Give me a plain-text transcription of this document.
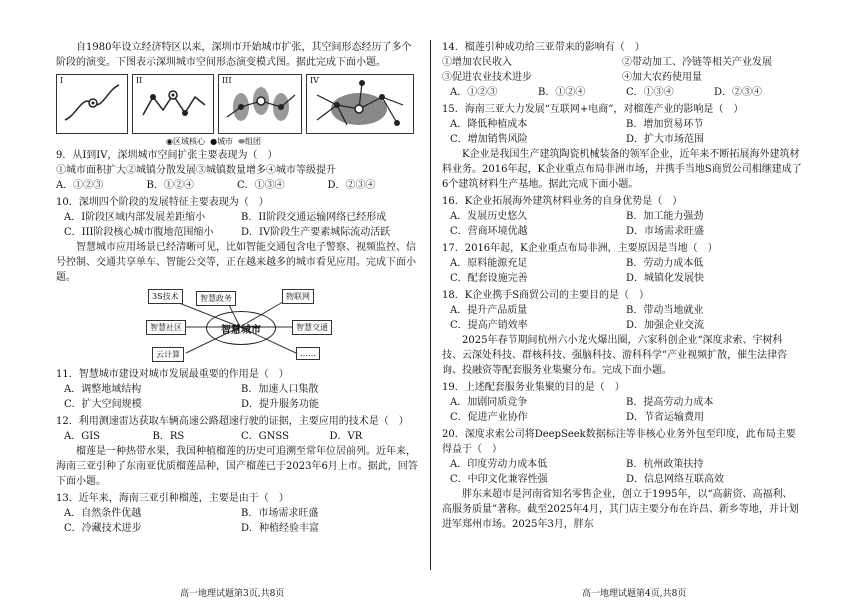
自1980年设立经济特区以来，深圳市开始城市扩张，其空间形态经历了多个阶段的演变。下图表示深圳城市空间形态演变模式图。据此完成下面小题。

I	II	III	IV
◉区域核心 ●城市 ⬬组团
9．从I到IV，深圳城市空间扩张主要表现为（　）
①城市面积扩大②城镇分散发展③城镇数量增多④城市等级提升
A．①②③	B．①②④	C．①③④	D．②③④
10．深圳四个阶段的发展特征主要表现为（　）
A．I阶段区域内部发展差距缩小	B．II阶段交通运输网络已经形成
C．III阶段核心城市腹地范围缩小	D．IV阶段生产要素城际流动活跃

智慧城市应用场景已经清晰可见，比如智能交通包含电子警察、视频监控、信号控制、交通共享单车、智能公交等，正在越来越多的城市看见应用。完成下面小题。

3S技术	智慧政务	物联网
智慧社区	智慧城市	智慧交通
云计算	……
11．智慧城市建设对城市发展最重要的作用是（　）
A．调整地域结构	B．加速人口集散
C．扩大空间规模	D．提升服务功能
12．利用测速雷达获取车辆高速公路超速行驶的证据，主要应用的技术是（　）
A．GIS	B．RS	C．GNSS	D．VR

榴莲是一种热带水果，我国种植榴莲的历史可追溯至常年位居前列。近年来，海南三亚引种了东南亚优质榴莲品种，国产榴莲已于2023年6月上市。据此，回答下面小题。

13．近年来，海南三亚引种榴莲，主要是由于（　）
A．自然条件优越	B．市场需求旺盛
C．冷藏技术进步	D．种植经验丰富
14．榴莲引种成功给三亚带来的影响有（　）
①增加农民收入	②带动加工、冷链等相关产业发展
③促进农业技术进步	④加大农药使用量
A．①②③	B．①②④	C．①③④	D．②③④
15．海南三亚大力发展“互联网+电商”，对榴莲产业的影响是（　）
A．降低种植成本	B．增加贸易环节
C．增加销售风险	D．扩大市场范围

K企业是我国生产建筑陶瓷机械装备的领军企业，近年来不断拓展海外建筑材料业务。2016年起，K企业重点布局非洲市场，并携手当地S商贸公司相继建成了6个建筑材料生产基地。据此完成下面小题。

16．K企业拓展海外建筑材料业务的自身优势是（　）
A．发展历史悠久	B．加工能力强劲
C．营商环境优越	D．市场需求旺盛
17．2016年起，K企业重点布局非洲，主要原因是当地（　）
A．原料能源充足	B．劳动力成本低
C．配套设施完善	D．城镇化发展快
18．K企业携手S商贸公司的主要目的是（　）
A．提升产品质量	B．带动当地就业
C．提高产销效率	D．加强企业交流

2025年春节期间杭州六小龙火爆出圈，六家科创企业“深度求索、宇树科技、云深处科技、群核科技、强脑科技、游科科学”产业视频扩散，催生法律咨询、投融资等配套服务业集聚分布。完成下面小题。

19．上述配套服务业集聚的目的是（　）
A．加剧同质竞争	B．提高劳动力成本
C．促进产业协作	D．节省运输费用
20．深度求索公司将DeepSeek数据标注等非核心业务外包至印度，此布局主要得益于（　）
A．印度劳动力成本低	B．杭州政策扶持
C．中印文化兼容性强	D．信息网络互联高效

胖东来超市是河南省知名零售企业，创立于1995年，以“高薪资、高福利、高服务质量”著称。截至2025年4月，其门店主要分布在许昌、新乡等地，并计划进军郑州市场。2025年3月，胖东

高一地理试题第3页,共8页	高一地理试题第4页,共8页
